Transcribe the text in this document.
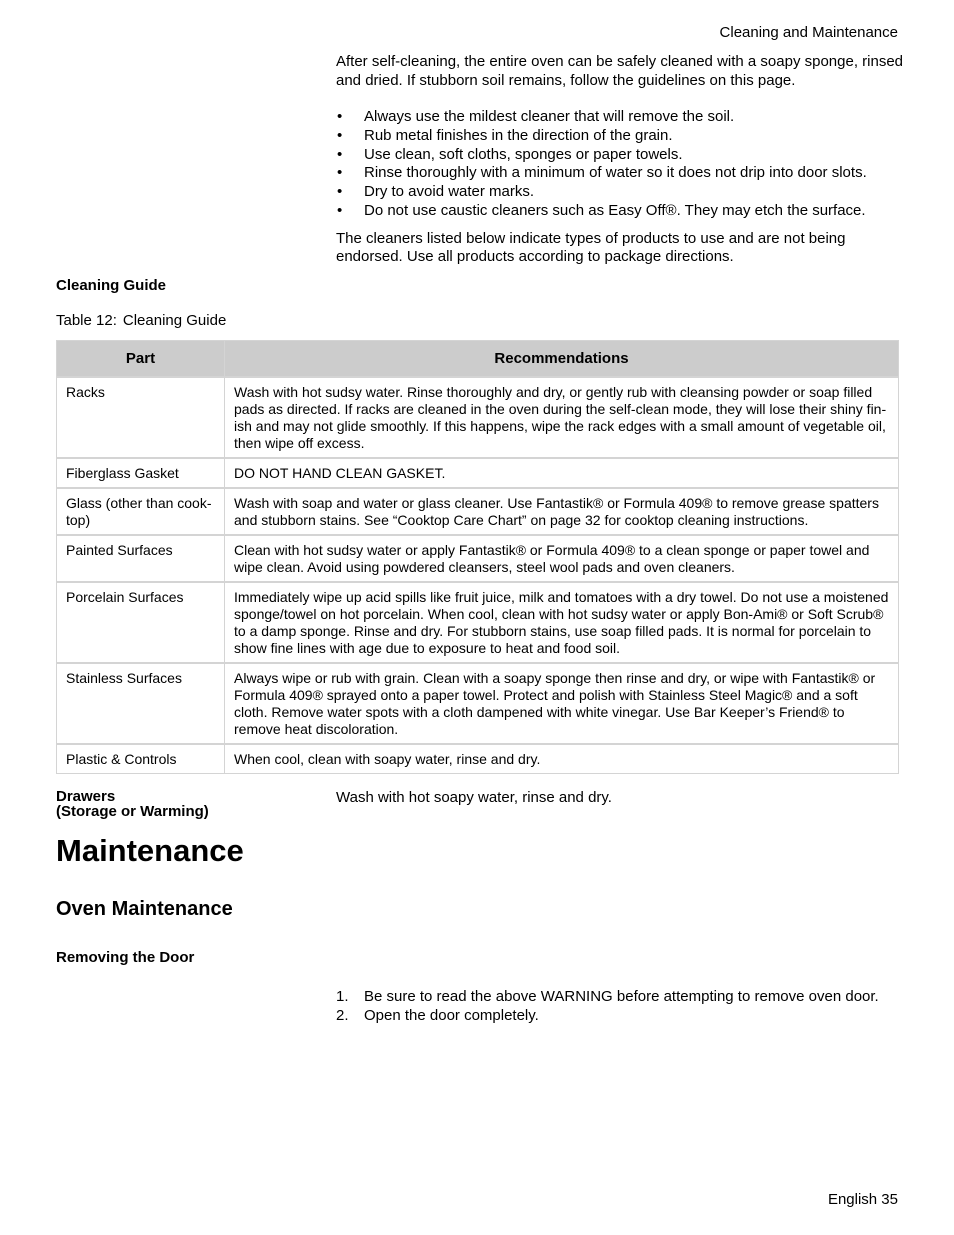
Cleaning and Maintenance

After self-cleaning, the entire oven can be safely cleaned with a soapy sponge, rinsed and dried. If stubborn soil remains, follow the guidelines on this page.

• Always use the mildest cleaner that will remove the soil.
• Rub metal finishes in the direction of the grain.
• Use clean, soft cloths, sponges or paper towels.
• Rinse thoroughly with a minimum of water so it does not drip into door slots.
• Dry to avoid water marks.
• Do not use caustic cleaners such as Easy Off®. They may etch the surface.

The cleaners listed below indicate types of products to use and are not being endorsed. Use all products according to package directions.

Cleaning Guide
Table 12: Cleaning Guide
Part	Recommendations
Racks	Wash with hot sudsy water. Rinse thoroughly and dry, or gently rub with cleansing powder or soap filled pads as directed. If racks are cleaned in the oven during the self-clean mode, they will lose their shiny finish and may not glide smoothly. If this happens, wipe the rack edges with a small amount of vegetable oil, then wipe off excess.
Fiberglass Gasket	DO NOT HAND CLEAN GASKET.
Glass (other than cooktop)	Wash with soap and water or glass cleaner. Use Fantastik® or Formula 409® to remove grease spatters and stubborn stains. See “Cooktop Care Chart” on page 32 for cooktop cleaning instructions.
Painted Surfaces	Clean with hot sudsy water or apply Fantastik® or Formula 409® to a clean sponge or paper towel and wipe clean. Avoid using powdered cleansers, steel wool pads and oven cleaners.
Porcelain Surfaces	Immediately wipe up acid spills like fruit juice, milk and tomatoes with a dry towel. Do not use a moistened sponge/towel on hot porcelain. When cool, clean with hot sudsy water or apply Bon-Ami® or Soft Scrub® to a damp sponge. Rinse and dry. For stubborn stains, use soap filled pads. It is normal for porcelain to show fine lines with age due to exposure to heat and food soil.
Stainless Surfaces	Always wipe or rub with grain. Clean with a soapy sponge then rinse and dry, or wipe with Fantastik® or Formula 409® sprayed onto a paper towel. Protect and polish with Stainless Steel Magic® and a soft cloth. Remove water spots with a cloth dampened with white vinegar. Use Bar Keeper’s Friend® to remove heat discoloration.
Plastic & Controls	When cool, clean with soapy water, rinse and dry.
Drawers
(Storage or Warming)
Wash with hot soapy water, rinse and dry.
Maintenance
Oven Maintenance
Removing the Door
1. Be sure to read the above WARNING before attempting to remove oven door.
2. Open the door completely.
English 35
